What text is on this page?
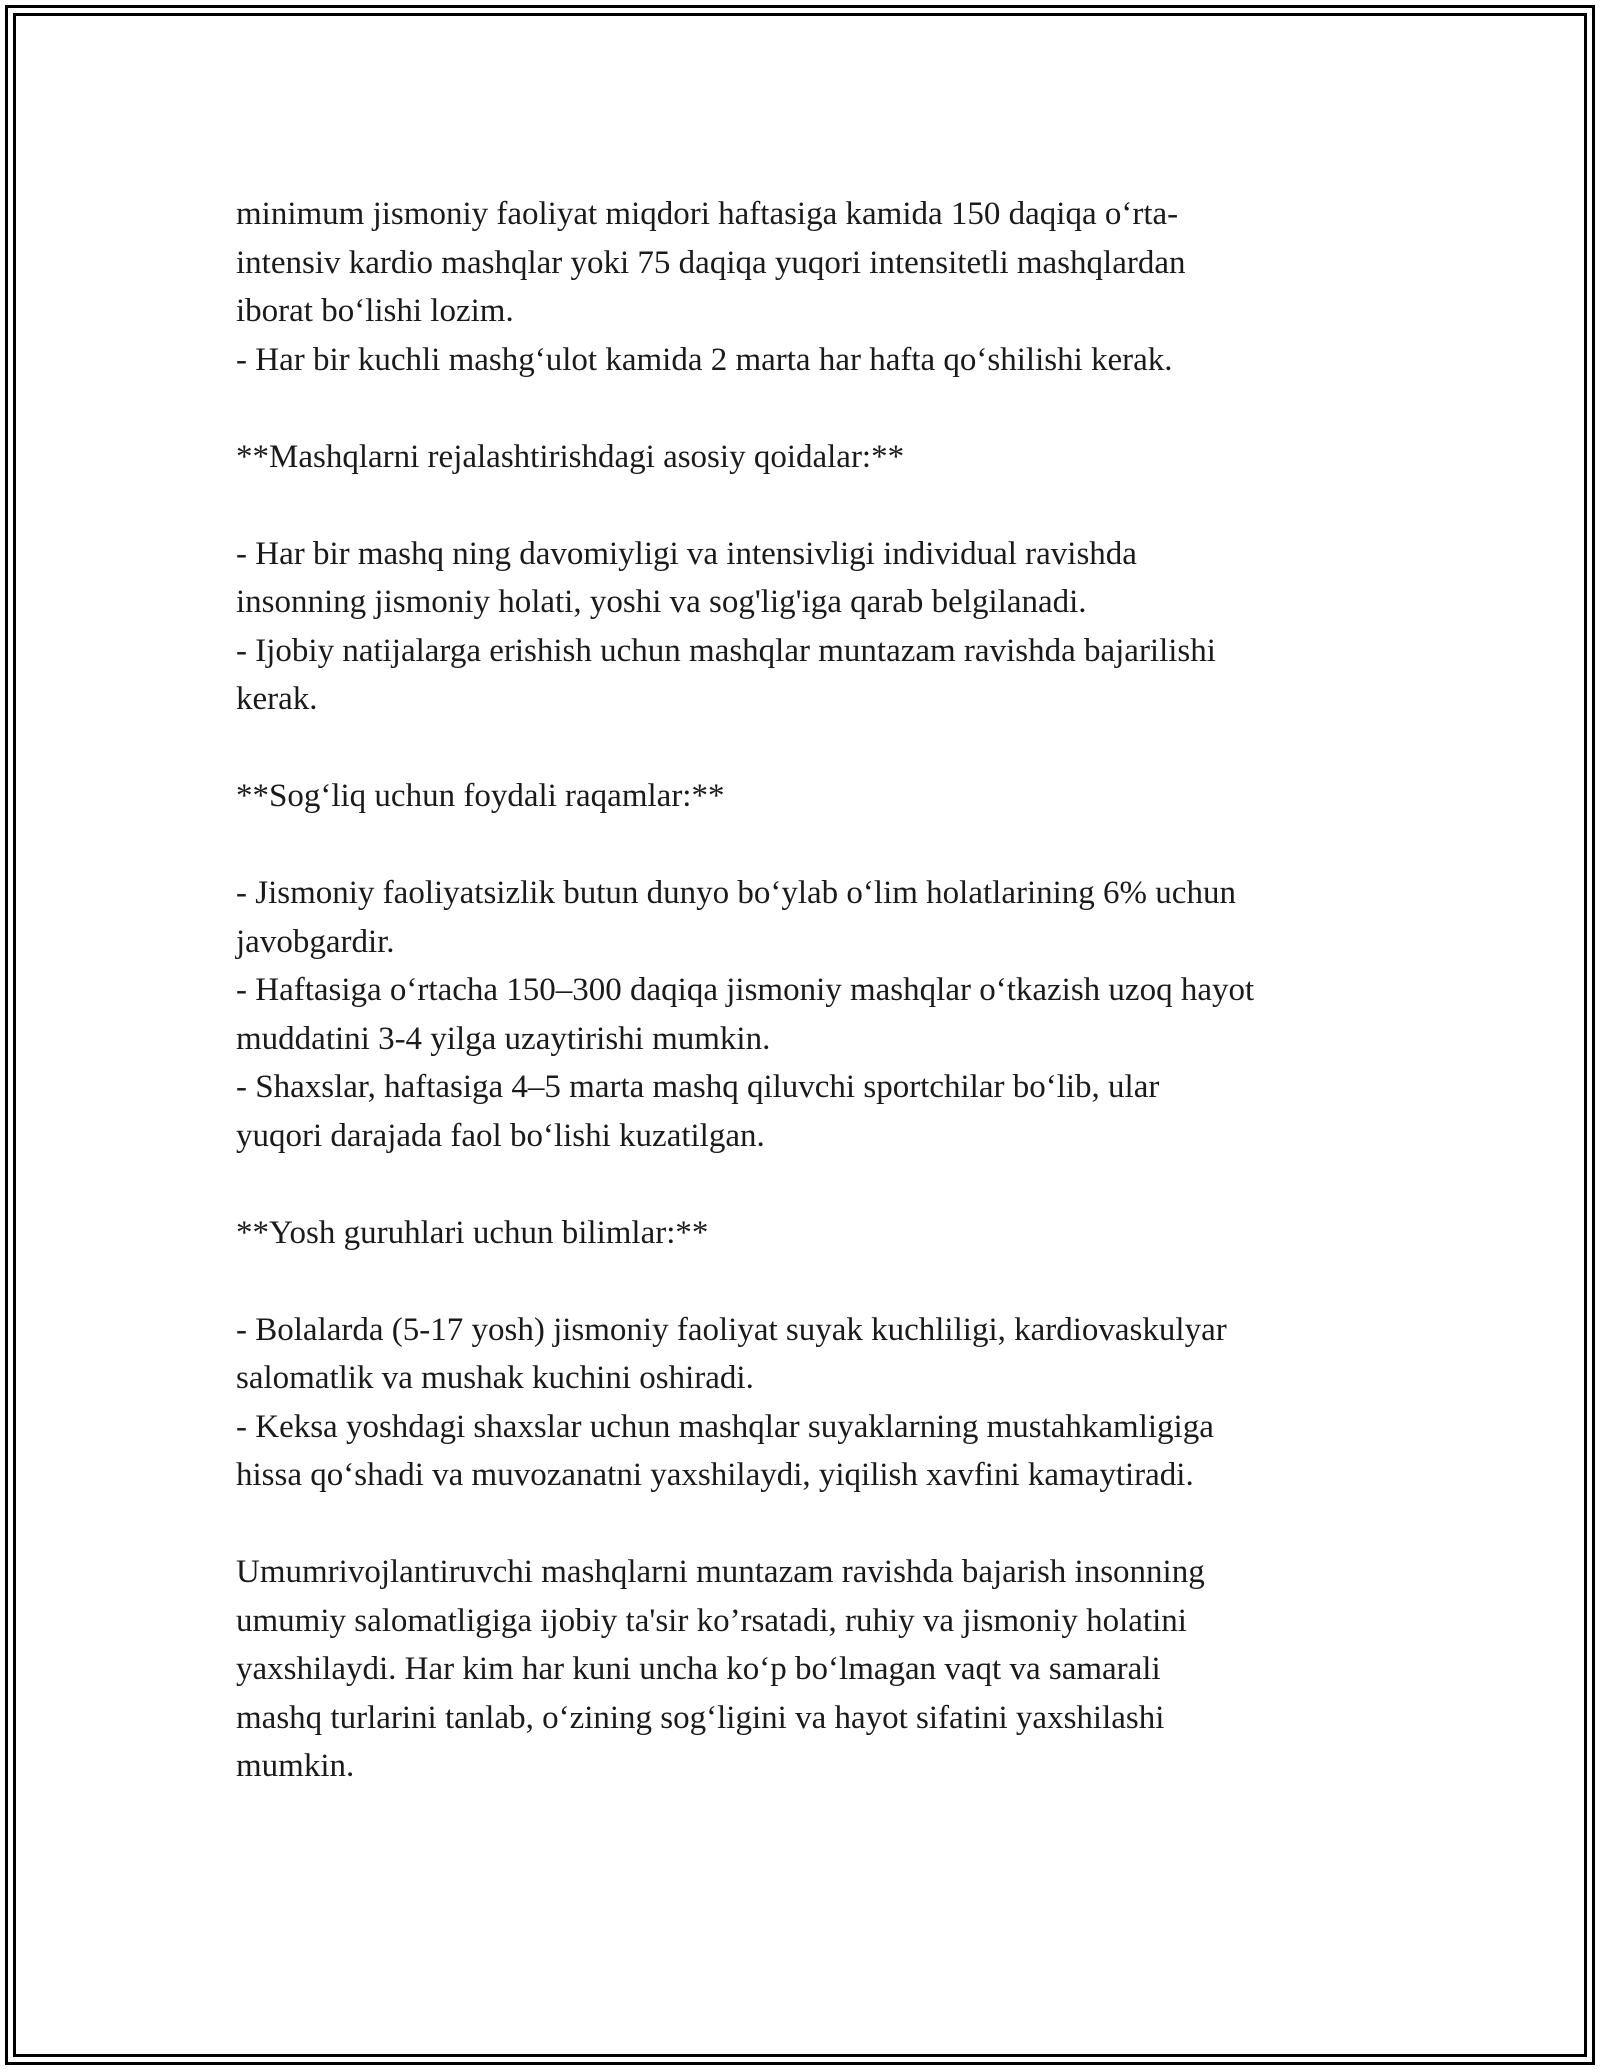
minimum jismoniy faoliyat miqdori haftasiga kamida 150 daqiqa o‘rta-
intensiv kardio mashqlar yoki 75 daqiqa yuqori intensitetli mashqlardan
iborat bo‘lishi lozim.
- Har bir kuchli mashg‘ulot kamida 2 marta har hafta qo‘shilishi kerak.
**Mashqlarni rejalashtirishdagi asosiy qoidalar:**
- Har bir mashq ning davomiyligi va intensivligi individual ravishda
insonning jismoniy holati, yoshi va sog'lig'iga qarab belgilanadi.
- Ijobiy natijalarga erishish uchun mashqlar muntazam ravishda bajarilishi
kerak.
**Sog‘liq uchun foydali raqamlar:**
- Jismoniy faoliyatsizlik butun dunyo bo‘ylab o‘lim holatlarining 6% uchun
javobgardir.
- Haftasiga o‘rtacha 150–300 daqiqa jismoniy mashqlar o‘tkazish uzoq hayot
muddatini 3-4 yilga uzaytirishi mumkin.
- Shaxslar, haftasiga 4–5 marta mashq qiluvchi sportchilar bo‘lib, ular
yuqori darajada faol bo‘lishi kuzatilgan.
**Yosh guruhlari uchun bilimlar:**
- Bolalarda (5-17 yosh) jismoniy faoliyat suyak kuchliligi, kardiovaskulyar
salomatlik va mushak kuchini oshiradi.
- Keksa yoshdagi shaxslar uchun mashqlar suyaklarning mustahkamligiga
hissa qo‘shadi va muvozanatni yaxshilaydi, yiqilish xavfini kamaytiradi.
Umumrivojlantiruvchi mashqlarni muntazam ravishda bajarish insonning
umumiy salomatligiga ijobiy ta'sir ko’rsatadi, ruhiy va jismoniy holatini
yaxshilaydi. Har kim har kuni uncha ko‘p bo‘lmagan vaqt va samarali
mashq turlarini tanlab, o‘zining sog‘ligini va hayot sifatini yaxshilashi
mumkin.
